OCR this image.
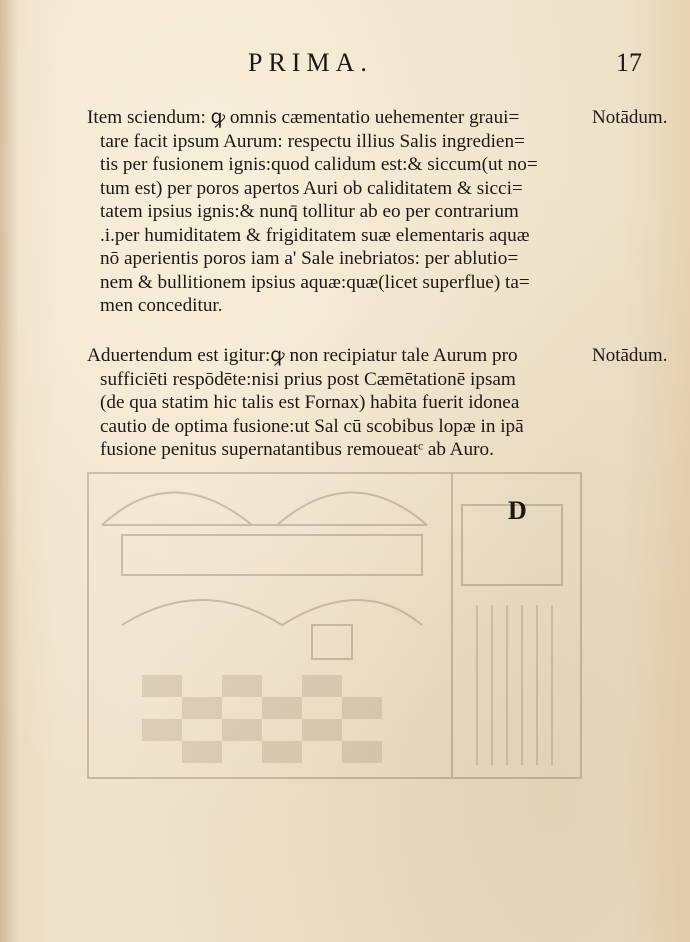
PRIMA.	17
Item sciendum: ꝙ omnis cæmentatio uehementer graui=
tare facit ipsum Aurum: respectu illius Salis ingredien=
tis per fusionem ignis:quod calidum est:& siccum(ut no=
tum est) per poros apertos Auri ob caliditatem & sicci=
tatem ipsius ignis:& nunq̄ tollitur ab eo per contrarium
.i.per humiditatem & frigiditatem suæ elementaris aquæ
nō aperientis poros iam a' Sale inebriatos: per ablutio=
nem & bullitionem ipsius aquæ:quæ(licet superflue) ta=
men conceditur.
Aduertendum est igitur:ꝙ non recipiatur tale Aurum pro
sufficiēti respōdēte:nisi prius post Cæmētationē ipsam
(de qua statim hic talis est Fornax) habita fuerit idonea
cautio de optima fusione:ut Sal cū scobibus lopæ in ipā
fusione penitus supernatantibus remoueatᶜ ab Auro.
Notādum.
Notādum.
D
